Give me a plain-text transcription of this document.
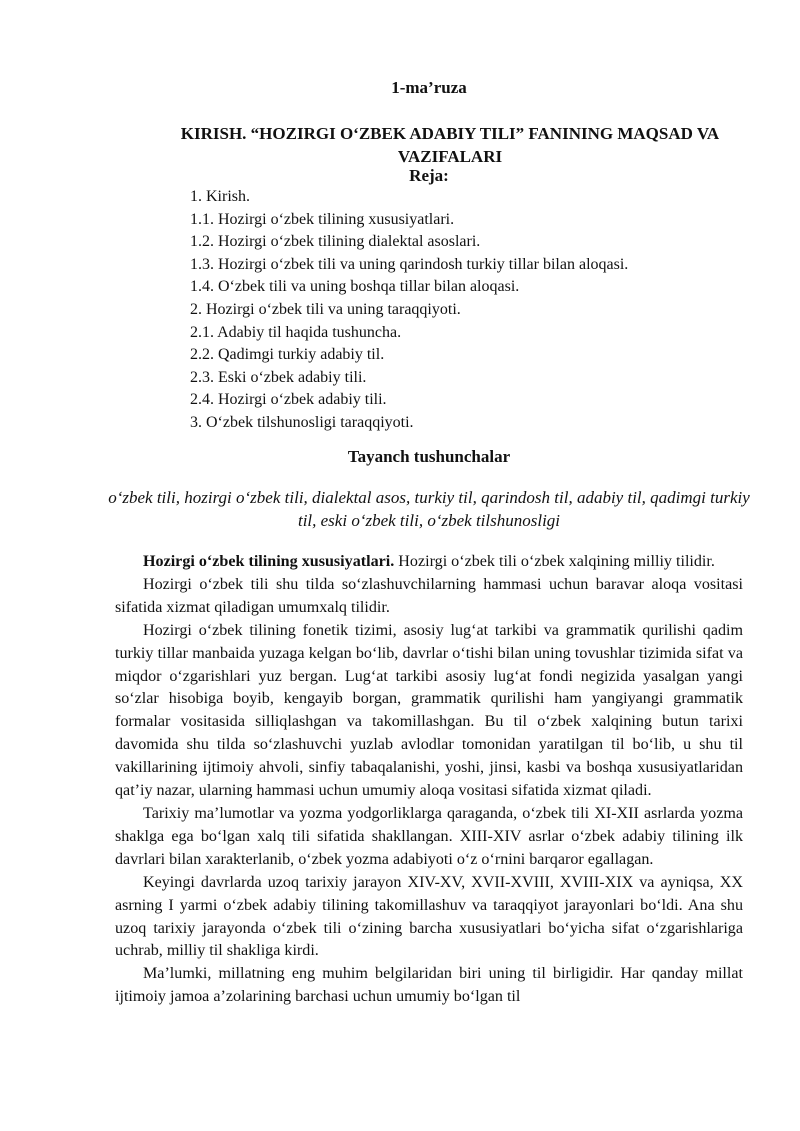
1-ma’ruza
KIRISH. “HOZIRGI O‘ZBEK ADABIY TILI” FANINING MAQSAD VA VAZIFALARI
Reja:
1. Kirish.
1.1. Hozirgi o‘zbek tilining xususiyatlari.
1.2. Hozirgi o‘zbek tilining dialektal asoslari.
1.3. Hozirgi o‘zbek tili va uning qarindosh turkiy tillar bilan aloqasi.
1.4. O‘zbek tili va uning boshqa tillar bilan aloqasi.
2. Hozirgi o‘zbek tili va uning taraqqiyoti.
2.1. Adabiy til haqida tushuncha.
2.2. Qadimgi turkiy adabiy til.
2.3. Eski o‘zbek adabiy tili.
2.4. Hozirgi o‘zbek adabiy tili.
3. O‘zbek tilshunosligi taraqqiyoti.
Tayanch tushunchalar
o‘zbek tili, hozirgi o‘zbek tili, dialektal asos, turkiy til, qarindosh til, adabiy til, qadimgi turkiy til, eski o‘zbek tili, o‘zbek tilshunosligi

Hozirgi o‘zbek tilining xususiyatlari. Hozirgi o‘zbek tili o‘zbek xalqining milliy tilidir.

Hozirgi o‘zbek tili shu tilda so‘zlashuvchilarning hammasi uchun baravar aloqa vositasi sifatida xizmat qiladigan umumxalq tilidir.

Hozirgi o‘zbek tilining fonetik tizimi, asosiy lug‘at tarkibi va grammatik qurilishi qadim turkiy tillar manbaida yuzaga kelgan bo‘lib, davrlar o‘tishi bilan uning tovushlar tizimida sifat va miqdor o‘zgarishlari yuz bergan. Lug‘at tarkibi asosiy lug‘at fondi negizida yasalgan yangi so‘zlar hisobiga boyib, kengayib borgan, grammatik qurilishi ham yangiyangi grammatik formalar vositasida silliqlashgan va takomillashgan. Bu til o‘zbek xalqining butun tarixi davomida shu tilda so‘zlashuvchi yuzlab avlodlar tomonidan yaratilgan til bo‘lib, u shu til vakillarining ijtimoiy ahvoli, sinfiy tabaqalanishi, yoshi, jinsi, kasbi va boshqa xususiyatlaridan qat’iy nazar, ularning hammasi uchun umumiy aloqa vositasi sifatida xizmat qiladi.

Tarixiy ma’lumotlar va yozma yodgorliklarga qaraganda, o‘zbek tili XI-XII asrlarda yozma shaklga ega bo‘lgan xalq tili sifatida shakllangan. XIII-XIV asrlar o‘zbek adabiy tilining ilk davrlari bilan xarakterlanib, o‘zbek yozma adabiyoti o‘z o‘rnini barqaror egallagan.

Keyingi davrlarda uzoq tarixiy jarayon XIV-XV, XVII-XVIII, XVIII-XIX va ayniqsa, XX asrning I yarmi o‘zbek adabiy tilining takomillashuv va taraqqiyot jarayonlari bo‘ldi. Ana shu uzoq tarixiy jarayonda o‘zbek tili o‘zining barcha xususiyatlari bo‘yicha sifat o‘zgarishlariga uchrab, milliy til shakliga kirdi.

Ma’lumki, millatning eng muhim belgilaridan biri uning til birligidir. Har qanday millat ijtimoiy jamoa a’zolarining barchasi uchun umumiy bo‘lgan til
